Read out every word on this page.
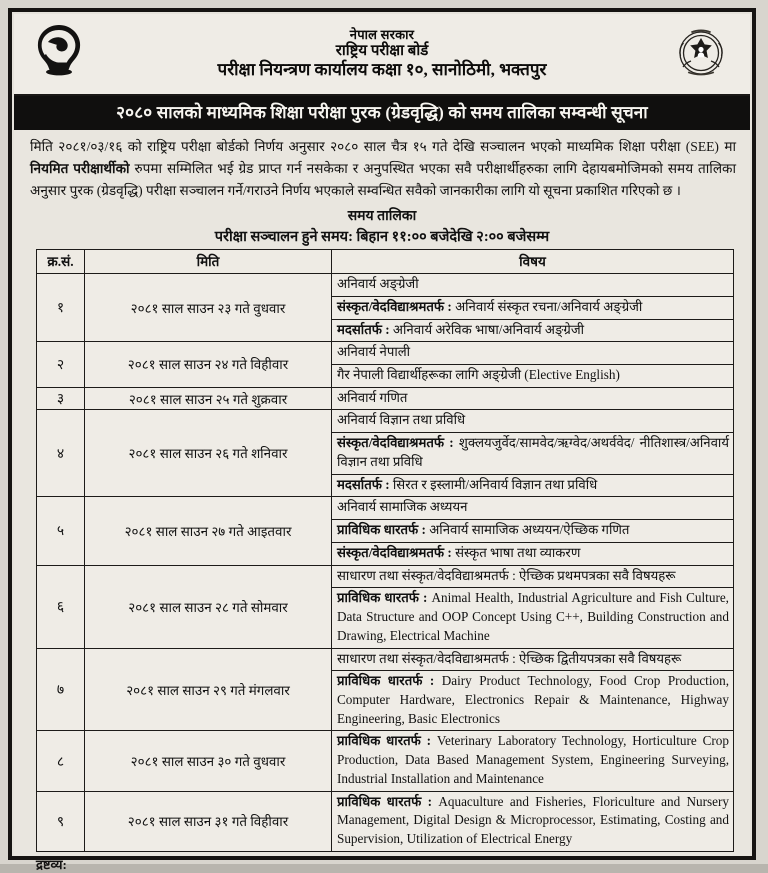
नेपाल सरकार
राष्ट्रिय परीक्षा बोर्ड
परीक्षा नियन्त्रण कार्यालय कक्षा १०, सानोठिमी, भक्तपुर
२०८० सालको माध्यमिक शिक्षा परीक्षा पुरक (ग्रेडवृद्धि) को समय तालिका सम्वन्धी सूचना
मिति २०८१/०३/१६ को राष्ट्रिय परीक्षा बोर्डको निर्णय अनुसार २०८० साल चैत्र १५ गते देखि सञ्चालन भएको माध्यमिक शिक्षा परीक्षा (SEE) मा नियमित परीक्षार्थीको रुपमा सम्मिलित भई ग्रेड प्राप्त गर्न नसकेका र अनुपस्थित भएका सवै परीक्षार्थीहरुका लागि देहायबमोजिमको समय तालिका अनुसार पुरक (ग्रेडवृद्धि) परीक्षा सञ्चालन गर्ने/गराउने निर्णय भएकाले सम्वन्धित सवैको जानकारीका लागि यो सूचना प्रकाशित गरिएको छ ।
समय तालिका
परीक्षा सञ्चालन हुने समय: बिहान ११:०० बजेदेखि २:०० बजेसम्म
क्र.सं.	मिति	विषय
१	२०८१ साल साउन २३ गते वुधवार	अनिवार्य अङ्ग्रेजी
		संस्कृत/वेदविद्याश्रमतर्फ : अनिवार्य संस्कृत रचना/अनिवार्य अङ्ग्रेजी
		मदर्सातर्फ : अनिवार्य अरेविक भाषा/अनिवार्य अङ्ग्रेजी
२	२०८१ साल साउन २४ गते विहीवार	अनिवार्य नेपाली
		गैर नेपाली विद्यार्थीहरूका लागि अङ्ग्रेजी (Elective English)
३	२०८१ साल साउन २५ गते शुक्रवार	अनिवार्य गणित
४	२०८१ साल साउन २६ गते शनिवार	अनिवार्य विज्ञान तथा प्रविधि
		संस्कृत/वेदविद्याश्रमतर्फ : शुक्लयजुर्वेद/सामवेद/ऋग्वेद/अथर्ववेद/ नीतिशास्त्र/अनिवार्य विज्ञान तथा प्रविधि
		मदर्सातर्फ : सिरत र इस्लामी/अनिवार्य विज्ञान तथा प्रविधि
५	२०८१ साल साउन २७ गते आइतवार	अनिवार्य सामाजिक अध्ययन
		प्राविधिक धारतर्फ : अनिवार्य सामाजिक अध्ययन/ऐच्छिक गणित
		संस्कृत/वेदविद्याश्रमतर्फ : संस्कृत भाषा तथा व्याकरण
६	२०८१ साल साउन २८ गते सोमवार	साधारण तथा संस्कृत/वेदविद्याश्रमतर्फ : ऐच्छिक प्रथमपत्रका सवै विषयहरू
		प्राविधिक धारतर्फ : Animal Health, Industrial Agriculture and Fish Culture, Data Structure and OOP Concept Using C++, Building Construction and Drawing, Electrical Machine
७	२०८१ साल साउन २९ गते मंगलवार	साधारण तथा संस्कृत/वेदविद्याश्रमतर्फ : ऐच्छिक द्वितीयपत्रका सवै विषयहरू
		प्राविधिक धारतर्फ : Dairy Product Technology, Food Crop Production, Computer Hardware, Electronics Repair & Maintenance, Highway Engineering, Basic Electronics
८	२०८१ साल साउन ३० गते वुधवार	प्राविधिक धारतर्फ : Veterinary Laboratory Technology, Horticulture Crop Production, Data Based Management System, Engineering Surveying, Industrial Installation and Maintenance
९	२०८१ साल साउन ३१ गते विहीवार	प्राविधिक धारतर्फ : Aquaculture and Fisheries, Floriculture and Nursery Management, Digital Design & Microprocessor, Estimating, Costing and Supervision, Utilization of Electrical Energy
द्रष्टव्य:
